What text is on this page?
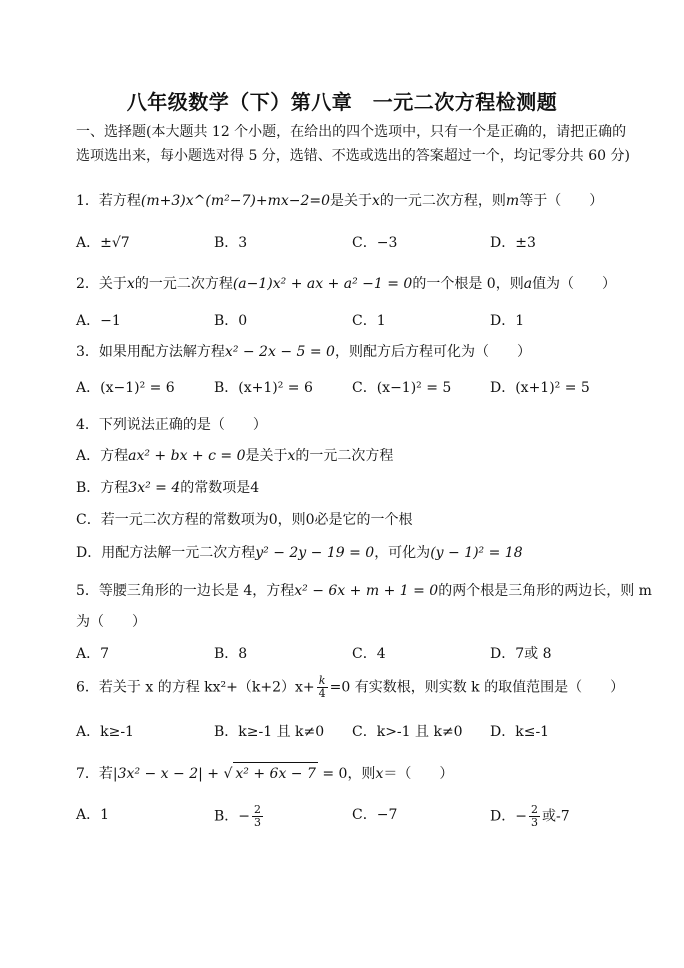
八年级数学（下）第八章　一元二次方程检测题
一、选择题(本大题共 12 个小题，在给出的四个选项中，只有一个是正确的，请把正确的选项选出来，每小题选对得 5 分，选错、不选或选出的答案超过一个，均记零分共 60 分)
1．若方程(m+3)x^(m²−7)+mx−2=0是关于x的一元二次方程，则m等于（　　）
A．±√7	B．3	C．−3	D．±3
2．关于x的一元二次方程(a−1)x² + ax + a² −1 = 0的一个根是 0，则a值为（　　）
A．−1	B．0	C．1	D．1
3．如果用配方法解方程x² − 2x − 5 = 0，则配方后方程可化为（　　）
A．(x−1)² = 6	B．(x+1)² = 6	C．(x−1)² = 5	D．(x+1)² = 5
4．下列说法正确的是（　　）
A．方程ax² + bx + c = 0是关于x的一元二次方程
B．方程3x² = 4的常数项是4
C．若一元二次方程的常数项为0，则0必是它的一个根
D．用配方法解一元二次方程y² − 2y − 19 = 0，可化为(y − 1)² = 18
5．等腰三角形的一边长是 4，方程x² − 6x + m + 1 = 0的两个根是三角形的两边长，则 m
为（　　）
A．7	B．8	C．4	D．7或 8
6．若关于 x 的方程 $kx^2+(k+2)x+ \frac{k}{4} =0$ 有实数根，则实数 k 的取值范围是（　　）
A．k≥-1	B．k≥-1 且 k≠0 C．k>-1 且 k≠0 D．k≤-1
7．若|3x² − x − 2| + √ x² + 6x − 7 = 0，则x＝（　　）
A．1	B．− $\frac{2}{3}$	C．−7	D．− $\frac{2}{3}$ 或-7
